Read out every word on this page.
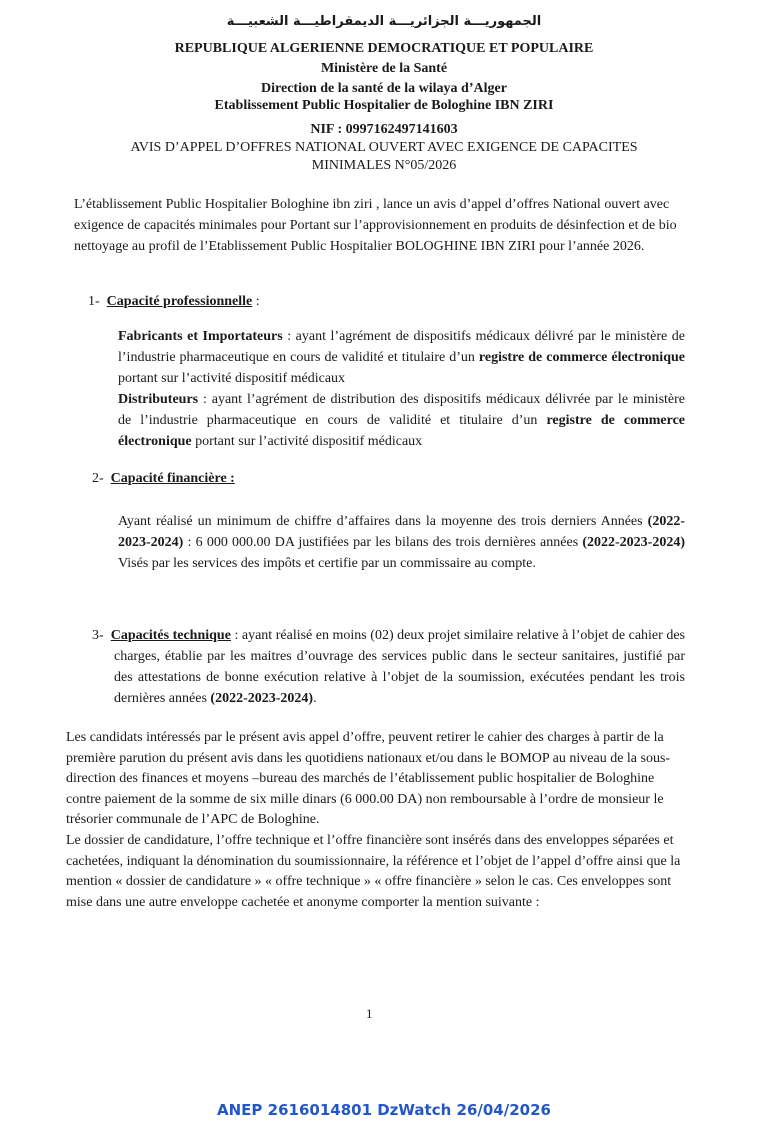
الجمهوريـــة الجزائريـــة الديمقراطيـــة الشعبيـــة
REPUBLIQUE ALGERIENNE DEMOCRATIQUE ET POPULAIRE
Ministère de la Santé
Direction de la santé de la wilaya d’Alger
Etablissement Public Hospitalier de Bologhine IBN ZIRI
NIF : 0997162497141603
AVIS D’APPEL D’OFFRES NATIONAL OUVERT AVEC EXIGENCE DE CAPACITES
MINIMALES N°05/2026
L’établissement Public Hospitalier Bologhine ibn ziri , lance un avis d’appel d’offres National ouvert avec exigence de capacités minimales pour Portant sur l’approvisionnement en produits de désinfection et de bio nettoyage au profil de l’Etablissement Public Hospitalier BOLOGHINE IBN ZIRI pour l’année 2026.
1- Capacité professionnelle :
Fabricants et Importateurs : ayant l’agrément de dispositifs médicaux délivré par le ministère de l’industrie pharmaceutique en cours de validité et titulaire d’un registre de commerce électronique portant sur l’activité dispositif médicaux
Distributeurs : ayant l’agrément de distribution des dispositifs médicaux délivrée par le ministère de l’industrie pharmaceutique en cours de validité et titulaire d’un registre de commerce électronique portant sur l’activité dispositif médicaux
2- Capacité financière :
Ayant réalisé un minimum de chiffre d’affaires dans la moyenne des trois derniers Années (2022-2023-2024) : 6 000 000.00 DA justifiées par les bilans des trois dernières années (2022-2023-2024) Visés par les services des impôts et certifie par un commissaire au compte.
3- Capacités technique : ayant réalisé en moins (02) deux projet similaire relative à l’objet de cahier des charges, établie par les maitres d’ouvrage des services public dans le secteur sanitaires, justifié par des attestations de bonne exécution relative à l’objet de la soumission, exécutées pendant les trois dernières années (2022-2023-2024).
Les candidats intéressés par le présent avis appel d’offre, peuvent retirer le cahier des charges à partir de la première parution du présent avis dans les quotidiens nationaux et/ou dans le BOMOP au niveau de la sous-direction des finances et moyens –bureau des marchés de l’établissement public hospitalier de Bologhine contre paiement de la somme de six mille dinars (6 000.00 DA) non remboursable à l’ordre de monsieur le trésorier communale de l’APC de Bologhine.
Le dossier de candidature, l’offre technique et l’offre financière sont insérés dans des enveloppes séparées et cachetées, indiquant la dénomination du soumissionnaire, la référence et l’objet de l’appel d’offre ainsi que la mention « dossier de candidature » « offre technique » « offre financière » selon le cas. Ces enveloppes sont mise dans une autre enveloppe cachetée et anonyme comporter la mention suivante :
1
ANEP 2616014801 DzWatch 26/04/2026
